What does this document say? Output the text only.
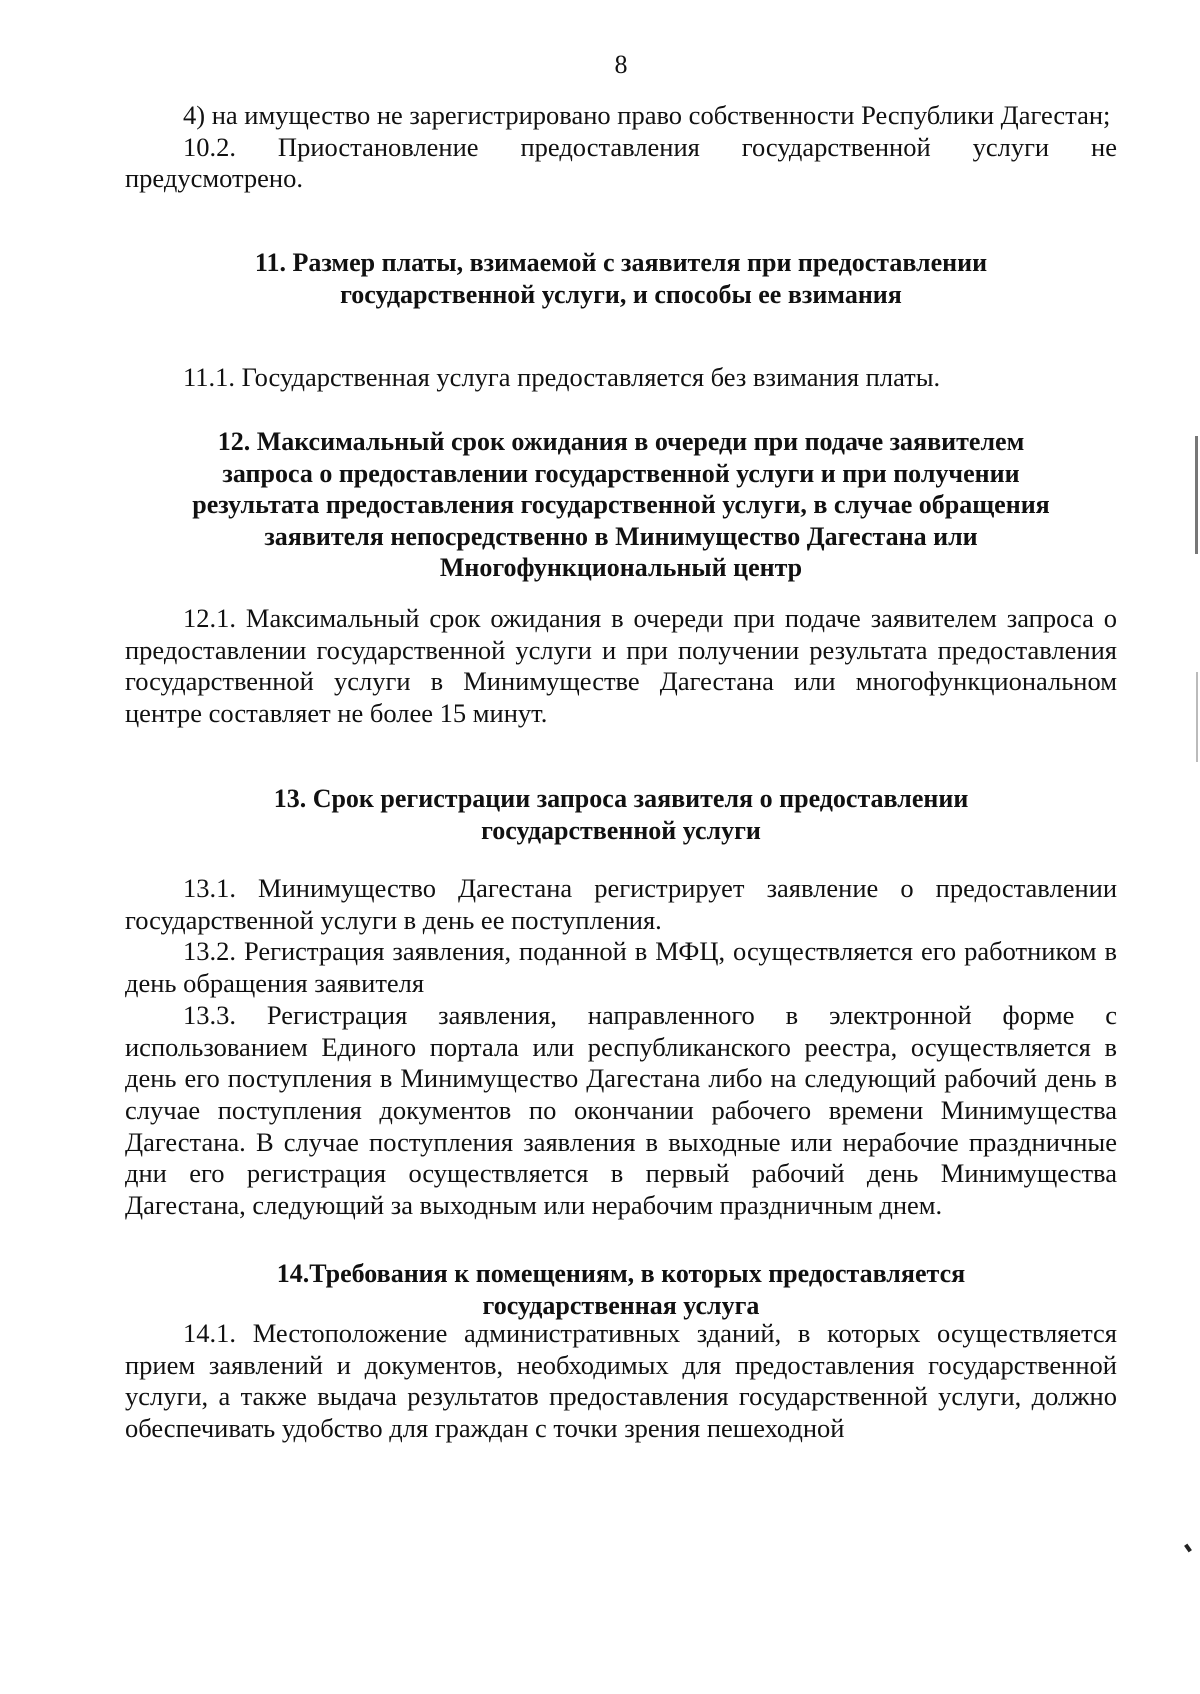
8

4) на имущество не зарегистрировано право собственности Республики Дагестан;

10.2. Приостановление предоставления государственной услуги не предусмотрено.

11. Размер платы, взимаемой с заявителя при предоставлении
государственной услуги, и способы ее взимания

11.1. Государственная услуга предоставляется без взимания платы.

12. Максимальный срок ожидания в очереди при подаче заявителем
запроса о предоставлении государственной услуги и при получении
результата предоставления государственной услуги, в случае обращения
заявителя непосредственно в Минимущество Дагестана или
Многофункциональный центр

12.1. Максимальный срок ожидания в очереди при подаче заявителем запроса о предоставлении государственной услуги и при получении результата предоставления государственной услуги в Минимуществе Дагестана или многофункциональном центре составляет не более 15 минут.

13. Срок регистрации запроса заявителя о предоставлении
государственной услуги

13.1. Минимущество Дагестана регистрирует заявление о предоставлении государственной услуги в день ее поступления.

13.2. Регистрация заявления, поданной в МФЦ, осуществляется его работником в день обращения заявителя

13.3. Регистрация заявления, направленного в электронной форме с использованием Единого портала или республиканского реестра, осуществляется в день его поступления в Минимущество Дагестана либо на следующий рабочий день в случае поступления документов по окончании рабочего времени Минимущества Дагестана. В случае поступления заявления в выходные или нерабочие праздничные дни его регистрация осуществляется в первый рабочий день Минимущества Дагестана, следующий за выходным или нерабочим праздничным днем.

14.Требования к помещениям, в которых предоставляется
государственная услуга

14.1. Местоположение административных зданий, в которых осуществляется прием заявлений и документов, необходимых для предоставления государственной услуги, а также выдача результатов предоставления государственной услуги, должно обеспечивать удобство для граждан с точки зрения пешеходной
